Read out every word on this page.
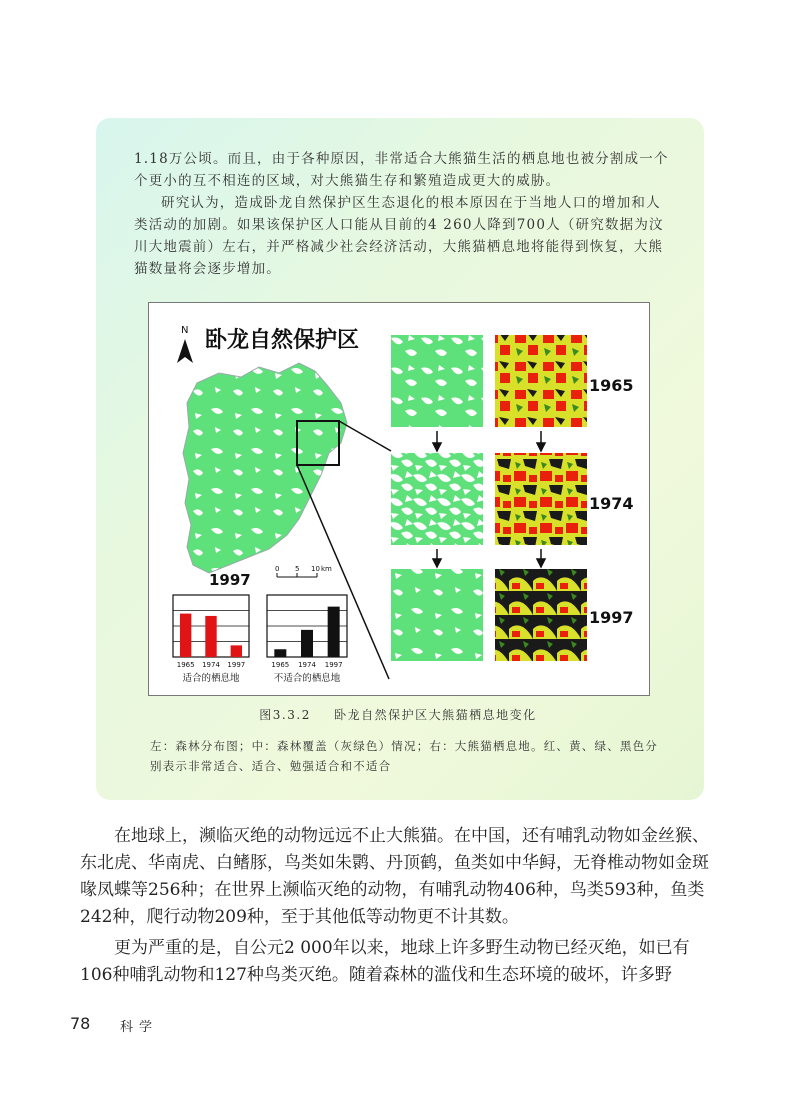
1.18万公顷。而且，由于各种原因，非常适合大熊猫生活的栖息地也被分割成一个个更小的互不相连的区域，对大熊猫生存和繁殖造成更大的威胁。

研究认为，造成卧龙自然保护区生态退化的根本原因在于当地人口的增加和人类活动的加剧。如果该保护区人口能从目前的4 260人降到700人（研究数据为汶川大地震前）左右，并严格减少社会经济活动，大熊猫栖息地将能得到恢复，大熊猫数量将会逐步增加。

N 卧龙自然保护区
1997
0 5 10 km
1965 1974 1997
适合的栖息地
1965 1974 1997
不适合的栖息地
1965
1974
1997
图3.3.2 卧龙自然保护区大熊猫栖息地变化

左：森林分布图；中：森林覆盖（灰绿色）情况；右：大熊猫栖息地。红、黄、绿、黑色分别表示非常适合、适合、勉强适合和不适合

在地球上，濒临灭绝的动物远远不止大熊猫。在中国，还有哺乳动物如金丝猴、东北虎、华南虎、白鳍豚，鸟类如朱鹮、丹顶鹤，鱼类如中华鲟，无脊椎动物如金斑喙凤蝶等256种；在世界上濒临灭绝的动物，有哺乳动物406种，鸟类593种，鱼类242种，爬行动物209种，至于其他低等动物更不计其数。

更为严重的是，自公元2 000年以来，地球上许多野生动物已经灭绝，如已有106种哺乳动物和127种鸟类灭绝。随着森林的滥伐和生态环境的破坏，许多野

78 科学
